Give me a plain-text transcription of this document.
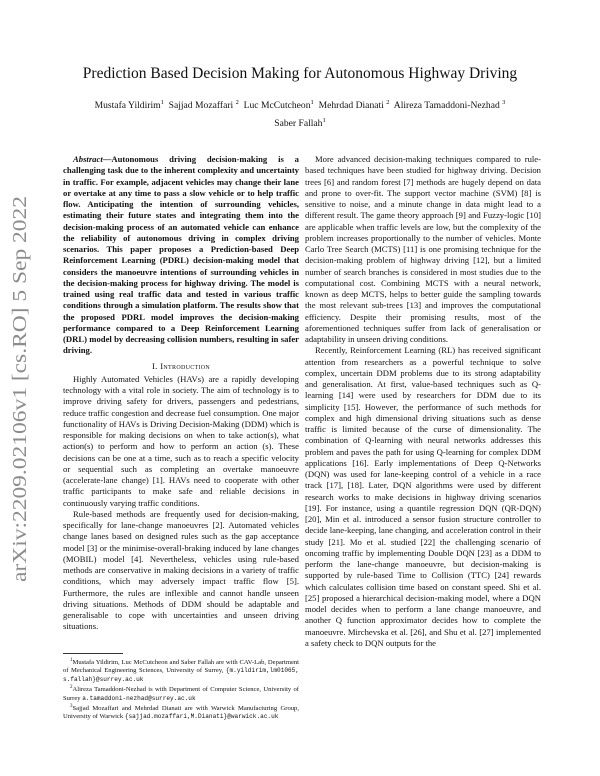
arXiv:2209.02106v1 [cs.RO] 5 Sep 2022
Prediction Based Decision Making for Autonomous Highway Driving
Mustafa Yildirim$^1$ Sajjad Mozaffari $^2$ Luc McCutcheon$^1$ Mehrdad Dianati $^2$ Alireza Tamaddoni-Nezhad $^3$
Saber Fallah$^1$

Abstract—Autonomous driving decision-making is a challenging task due to the inherent complexity and uncertainty in traffic. For example, adjacent vehicles may change their lane or overtake at any time to pass a slow vehicle or to help traffic flow. Anticipating the intention of surrounding vehicles, estimating their future states and integrating them into the decision-making process of an automated vehicle can enhance the reliability of autonomous driving in complex driving scenarios. This paper proposes a Prediction-based Deep Reinforcement Learning (PDRL) decision-making model that considers the manoeuvre intentions of surrounding vehicles in the decision-making process for highway driving. The model is trained using real traffic data and tested in various traffic conditions through a simulation platform. The results show that the proposed PDRL model improves the decision-making performance compared to a Deep Reinforcement Learning (DRL) model by decreasing collision numbers, resulting in safer driving.

I. Introduction

Highly Automated Vehicles (HAVs) are a rapidly developing technology with a vital role in society. The aim of technology is to improve driving safety for drivers, passengers and pedestrians, reduce traffic congestion and decrease fuel consumption. One major functionality of HAVs is Driving Decision-Making (DDM) which is responsible for making decisions on when to take action(s), what action(s) to perform and how to perform an action (s). These decisions can be one at a time, such as to reach a specific velocity or sequential such as completing an overtake manoeuvre (accelerate-lane change) [1]. HAVs need to cooperate with other traffic participants to make safe and reliable decisions in continuously varying traffic conditions.

Rule-based methods are frequently used for decision-making, specifically for lane-change manoeuvres [2]. Automated vehicles change lanes based on designed rules such as the gap acceptance model [3] or the minimise-overall-braking induced by lane changes (MOBIL) model [4]. Nevertheless, vehicles using rule-based methods are conservative in making decisions in a variety of traffic conditions, which may adversely impact traffic flow [5]. Furthermore, the rules are inflexible and cannot handle unseen driving situations. Methods of DDM should be adaptable and generalisable to cope with uncertainties and unseen driving situations.

$^1$Mustafa Yildirim, Luc McCutcheon and Saber Fallah are with CAV-Lab, Department of Mechanical Engineering Sciences, University of Surrey, {m.yildirim,lm01065, s.fallah}@surrey.ac.uk
$^2$Alireza Tamaddoni-Nezhad is with Department of Computer Science, University of Surrey a.tamaddoni-nezhad@surrey.ac.uk
$^3$Sajjad Mozaffari and Mehrdad Dianati are with Warwick Manufacturing Group, University of Warwick {sajjad.mozaffari,M.Dianati}@warwick.ac.uk

More advanced decision-making techniques compared to rule-based techniques have been studied for highway driving. Decision trees [6] and random forest [7] methods are hugely depend on data and prone to over-fit. The support vector machine (SVM) [8] is sensitive to noise, and a minute change in data might lead to a different result. The game theory approach [9] and Fuzzy-logic [10] are applicable when traffic levels are low, but the complexity of the problem increases proportionally to the number of vehicles. Monte Carlo Tree Search (MCTS) [11] is one promising technique for the decision-making problem of highway driving [12], but a limited number of search branches is considered in most studies due to the computational cost. Combining MCTS with a neural network, known as deep MCTS, helps to better guide the sampling towards the most relevant sub-trees [13] and improves the computational efficiency. Despite their promising results, most of the aforementioned techniques suffer from lack of generalisation or adaptability in unseen driving conditions.

Recently, Reinforcement Learning (RL) has received significant attention from researchers as a powerful technique to solve complex, uncertain DDM problems due to its strong adaptability and generalisation. At first, value-based techniques such as Q-learning [14] were used by researchers for DDM due to its simplicity [15]. However, the performance of such methods for complex and high dimensional driving situations such as dense traffic is limited because of the curse of dimensionality. The combination of Q-learning with neural networks addresses this problem and paves the path for using Q-learning for complex DDM applications [16]. Early implementations of Deep Q-Networks (DQN) was used for lane-keeping control of a vehicle in a race track [17], [18]. Later, DQN algorithms were used by different research works to make decisions in highway driving scenarios [19]. For instance, using a quantile regression DQN (QR-DQN) [20], Min et al. introduced a sensor fusion structure controller to decide lane-keeping, lane changing, and acceleration control in their study [21]. Mo et al. studied [22] the challenging scenario of oncoming traffic by implementing Double DQN [23] as a DDM to perform the lane-change manoeuvre, but decision-making is supported by rule-based Time to Collision (TTC) [24] rewards which calculates collision time based on constant speed. Shi et al. [25] proposed a hierarchical decision-making model, where a DQN model decides when to perform a lane change manoeuvre, and another Q function approximator decides how to complete the manoeuvre. Mirchevska et al. [26], and Shu et al. [27] implemented a safety check to DQN outputs for the
